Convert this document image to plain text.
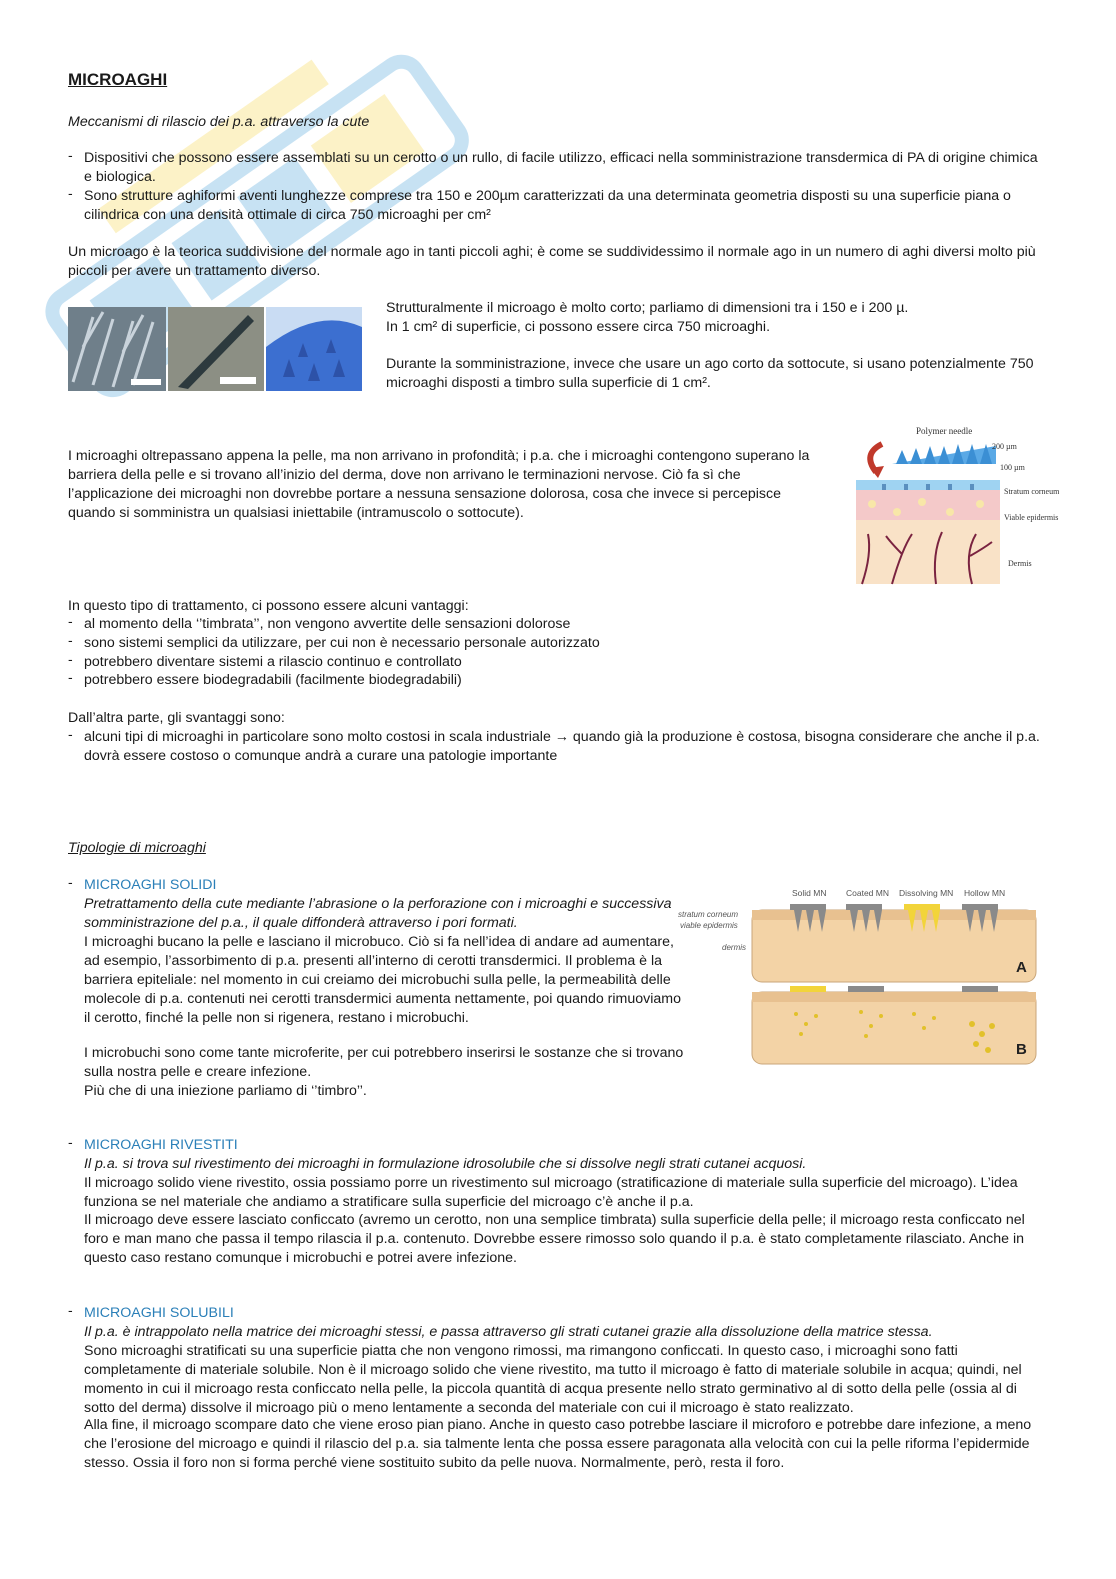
MICROAGHI
Meccanismi di rilascio dei p.a. attraverso la cute
- Dispositivi che possono essere assemblati su un cerotto o un rullo, di facile utilizzo, efficaci nella somministrazione transdermica di PA di origine chimica e biologica.
- Sono strutture aghiformi aventi lunghezze comprese tra 150 e 200µm caratterizzati da una determinata geometria disposti su una superficie piana o cilindrica con una densità ottimale di circa 750 microaghi per cm²

Un microago è la teorica suddivisione del normale ago in tanti piccoli aghi; è come se suddividessimo il normale ago in un numero di aghi diversi molto più piccoli per avere un trattamento diverso.

Strutturalmente il microago è molto corto; parliamo di dimensioni tra i 150 e i 200 µ.

In 1 cm² di superficie, ci possono essere circa 750 microaghi.

Durante la somministrazione, invece che usare un ago corto da sottocute, si usano potenzialmente 750 microaghi disposti a timbro sulla superficie di 1 cm².

I microaghi oltrepassano appena la pelle, ma non arrivano in profondità; i p.a. che i microaghi contengono superano la barriera della pelle e si trovano all’inizio del derma, dove non arrivano le terminazioni nervose. Ciò fa sì che l’applicazione dei microaghi non dovrebbe portare a nessuna sensazione dolorosa, cosa che invece si percepisce quando si somministra un qualsiasi iniettabile (intramuscolo o sottocute).

Polymer needle
200 µm
100 µm
Stratum corneum
Viable epidermis
Dermis

In questo tipo di trattamento, ci possono essere alcuni vantaggi:

- al momento della ‘’timbrata’’, non vengono avvertite delle sensazioni dolorose
- sono sistemi semplici da utilizzare, per cui non è necessario personale autorizzato
- potrebbero diventare sistemi a rilascio continuo e controllato
- potrebbero essere biodegradabili (facilmente biodegradabili)

Dall’altra parte, gli svantaggi sono:

- alcuni tipi di microaghi in particolare sono molto costosi in scala industriale → quando già la produzione è costosa, bisogna considerare che anche il p.a. dovrà essere costoso o comunque andrà a curare una patologie importante
Tipologie di microaghi
- MICROAGHI SOLIDI

Pretrattamento della cute mediante l’abrasione o la perforazione con i microaghi e successiva somministrazione del p.a., il quale diffonderà attraverso i pori formati.

I microaghi bucano la pelle e lasciano il microbuco. Ciò si fa nell’idea di andare ad aumentare, ad esempio, l’assorbimento di p.a. presenti all’interno di cerotti transdermici. Il problema è la barriera epiteliale: nel momento in cui creiamo dei microbuchi sulla pelle, la permeabilità delle molecole di p.a. contenuti nei cerotti transdermici aumenta nettamente, poi quando rimuoviamo il cerotto, finché la pelle non si rigenera, restano i microbuchi.

I microbuchi sono come tante microferite, per cui potrebbero inserirsi le sostanze che si trovano sulla nostra pelle e creare infezione.

Più che di una iniezione parliamo di ‘’timbro’’.

Solid MN Coated MN Dissolving MN Hollow MN
stratum corneum
viable epidermis
dermis
A
B
- MICROAGHI RIVESTITI

Il p.a. si trova sul rivestimento dei microaghi in formulazione idrosolubile che si dissolve negli strati cutanei acquosi.

Il microago solido viene rivestito, ossia possiamo porre un rivestimento sul microago (stratificazione di materiale sulla superficie del microago). L’idea funziona se nel materiale che andiamo a stratificare sulla superficie del microago c’è anche il p.a.

Il microago deve essere lasciato conficcato (avremo un cerotto, non una semplice timbrata) sulla superficie della pelle; il microago resta conficcato nel foro e man mano che passa il tempo rilascia il p.a. contenuto. Dovrebbe essere rimosso solo quando il p.a. è stato completamente rilasciato. Anche in questo caso restano comunque i microbuchi e potrei avere infezione.

- MICROAGHI SOLUBILI

Il p.a. è intrappolato nella matrice dei microaghi stessi, e passa attraverso gli strati cutanei grazie alla dissoluzione della matrice stessa.

Sono microaghi stratificati su una superficie piatta che non vengono rimossi, ma rimangono conficcati. In questo caso, i microaghi sono fatti completamente di materiale solubile. Non è il microago solido che viene rivestito, ma tutto il microago è fatto di materiale solubile in acqua; quindi, nel momento in cui il microago resta conficcato nella pelle, la piccola quantità di acqua presente nello strato germinativo al di sotto della pelle (ossia al di sotto del derma) dissolve il microago più o meno lentamente a seconda del materiale con cui il microago è stato realizzato.

Alla fine, il microago scompare dato che viene eroso pian piano. Anche in questo caso potrebbe lasciare il microforo e potrebbe dare infezione, a meno che l’erosione del microago e quindi il rilascio del p.a. sia talmente lenta che possa essere paragonata alla velocità con cui la pelle riforma l’epidermide stesso. Ossia il foro non si forma perché viene sostituito subito da pelle nuova. Normalmente, però, resta il foro.
